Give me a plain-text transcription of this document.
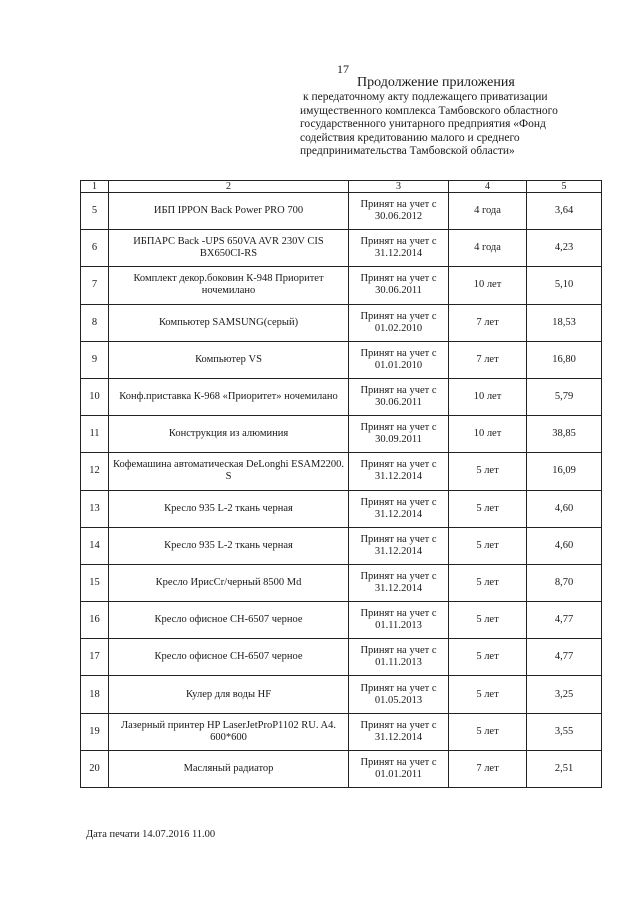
17
Продолжение приложения
к передаточному акту подлежащего приватизации
имущественного комплекса Тамбовского областного
государственного унитарного предприятия «Фонд
содействия кредитованию малого и среднего
предпринимательства Тамбовской области»
1	2	3	4	5
5	ИБП IPPON Back Power PRO 700	Принят на учет с 30.06.2012	4 года	3,64
6	ИБПАРС Back -UPS 650VA AVR 230V CIS BX650CI-RS	Принят на учет с 31.12.2014	4 года	4,23
7	Комплект декор.боковин К-948 Приоритет ночемилано	Принят на учет с 30.06.2011	10 лет	5,10
8	Компьютер SAMSUNG(серый)	Принят на учет с 01.02.2010	7 лет	18,53
9	Компьютер VS	Принят на учет с 01.01.2010	7 лет	16,80
10	Конф.приставка К-968 «Приоритет» ночемилано	Принят на учет с 30.06.2011	10 лет	5,79
11	Конструкция из алюминия	Принят на учет с 30.09.2011	10 лет	38,85
12	Кофемашина автоматическая DeLonghi ESAM2200. S	Принят на учет с 31.12.2014	5 лет	16,09
13	Кресло 935 L-2 ткань черная	Принят на учет с 31.12.2014	5 лет	4,60
14	Кресло 935 L-2 ткань черная	Принят на учет с 31.12.2014	5 лет	4,60
15	Кресло ИрисCr/черный 8500 Md	Принят на учет с 31.12.2014	5 лет	8,70
16	Кресло офисное СН-6507 черное	Принят на учет с 01.11.2013	5 лет	4,77
17	Кресло офисное СН-6507 черное	Принят на учет с 01.11.2013	5 лет	4,77
18	Кулер для воды HF	Принят на учет с 01.05.2013	5 лет	3,25
19	Лазерный принтер HP LaserJetProP1102 RU. A4. 600*600	Принят на учет с 31.12.2014	5 лет	3,55
20	Масляный радиатор	Принят на учет с 01.01.2011	7 лет	2,51
Дата печати 14.07.2016 11.00
